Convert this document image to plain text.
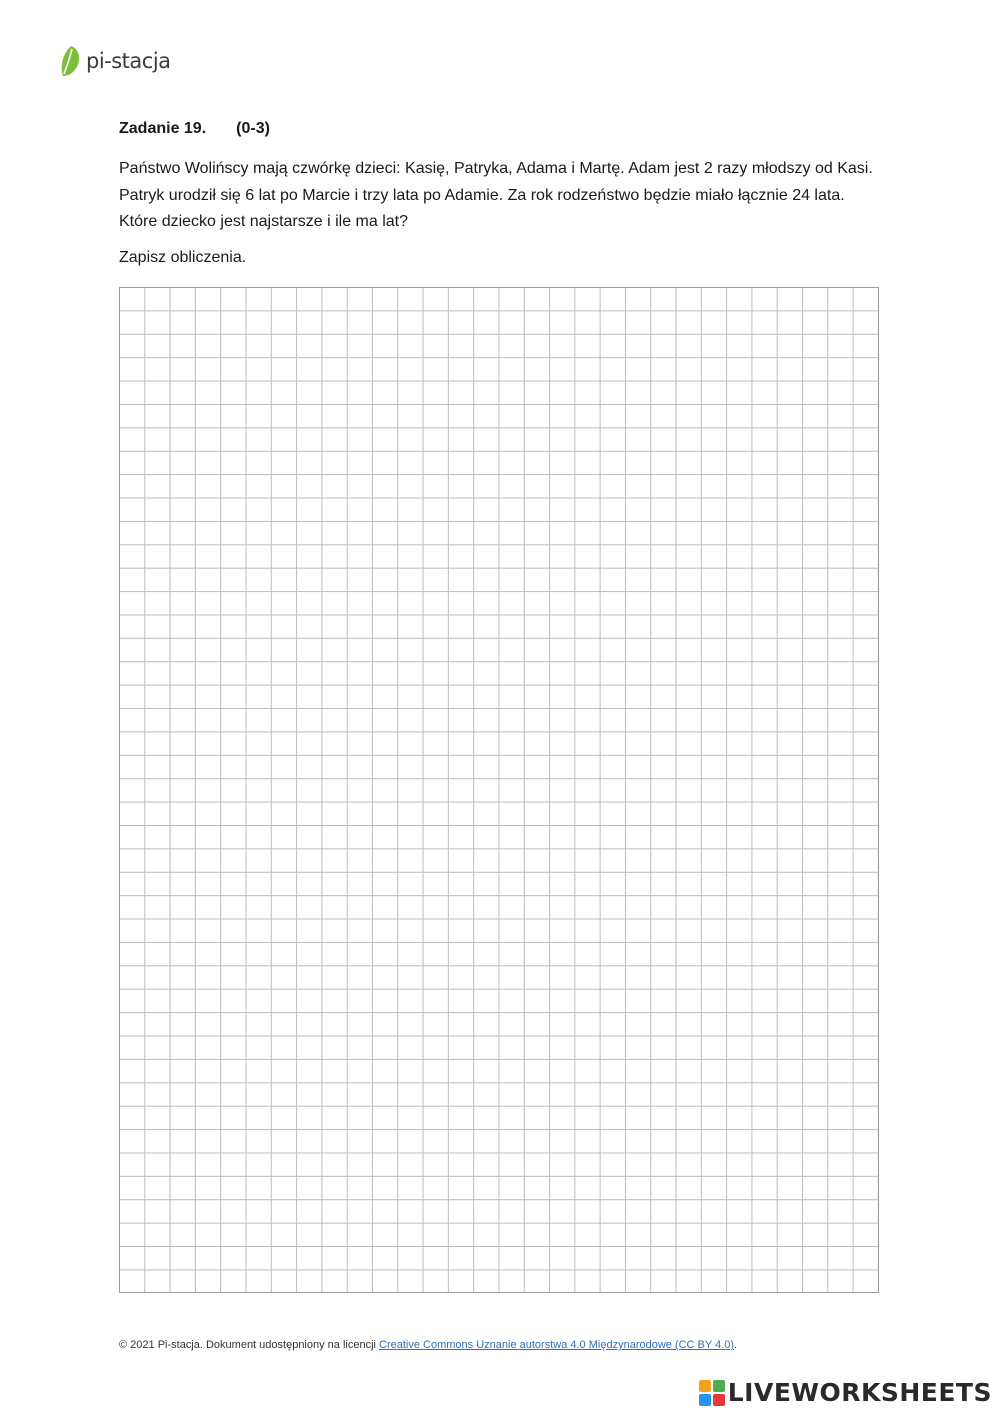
pi-stacja
Zadanie 19. (0-3)

Państwo Wolińscy mają czwórkę dzieci: Kasię, Patryka, Adama i Martę. Adam jest 2 razy młodszy od Kasi. Patryk urodził się 6 lat po Marcie i trzy lata po Adamie. Za rok rodzeństwo będzie miało łącznie 24 lata. Które dziecko jest najstarsze i ile ma lat?

Zapisz obliczenia.

© 2021 Pi-stacja. Dokument udostępniony na licencji Creative Commons Uznanie autorstwa 4.0 Międzynarodowe (CC BY 4.0).
LIVEWORKSHEETS
